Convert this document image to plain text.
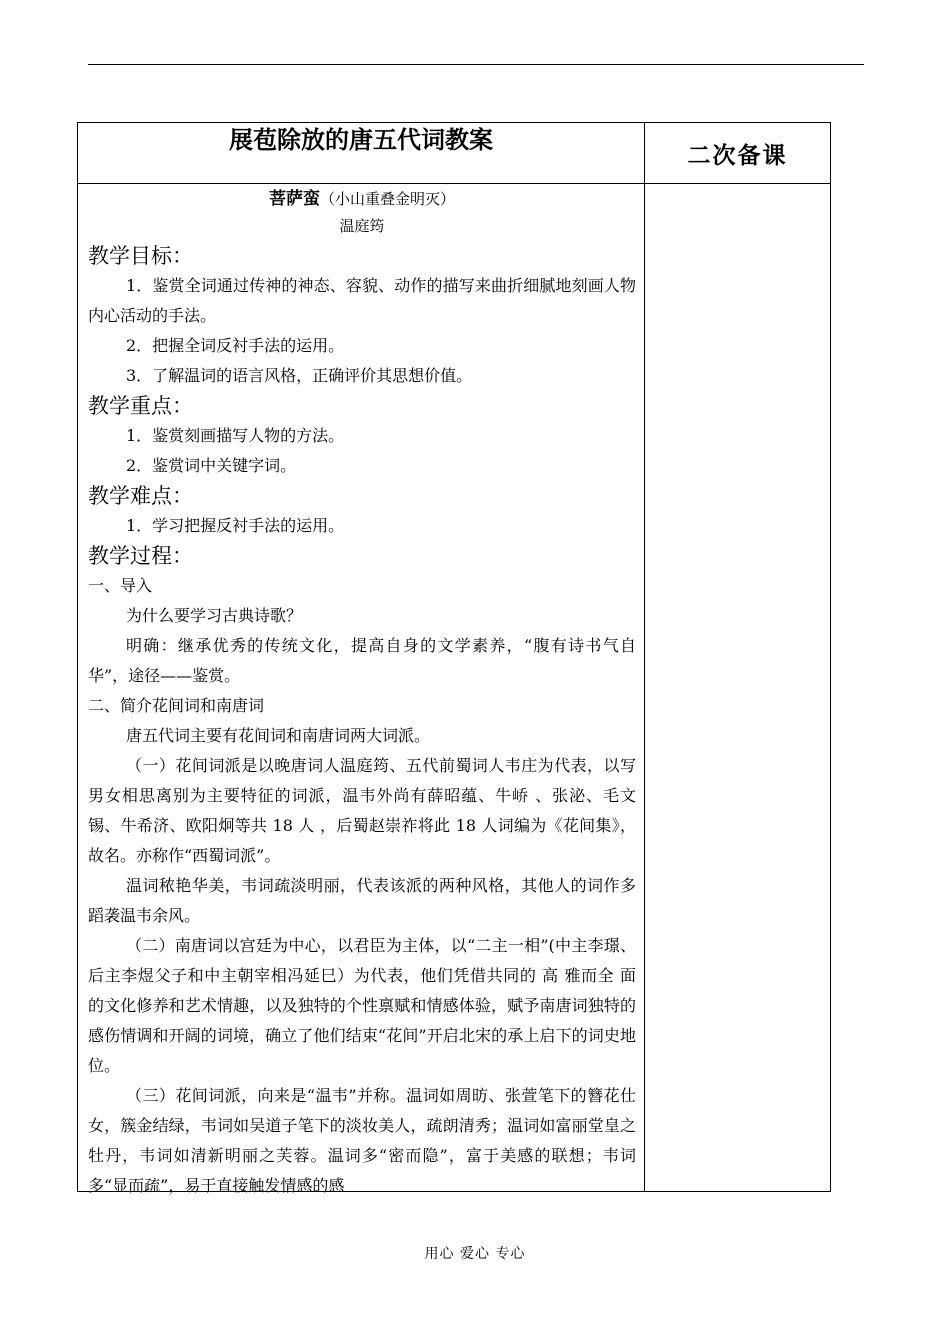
展苞除放的唐五代词教案
二次备课
菩萨蛮（小山重叠金明灭）
温庭筠
教学目标：

1．鉴赏全词通过传神的神态、容貌、动作的描写来曲折细腻地刻画人物内心活动的手法。

2．把握全词反衬手法的运用。
3．了解温词的语言风格，正确评价其思想价值。
教学重点：
1．鉴赏刻画描写人物的方法。
2．鉴赏词中关键字词。
教学难点：
1．学习把握反衬手法的运用。
教学过程：

一、导入

为什么要学习古典诗歌？

明确：继承优秀的传统文化，提高自身的文学素养，“腹有诗书气自华”，途径——鉴赏。

二、简介花间词和南唐词

唐五代词主要有花间词和南唐词两大词派。

（一）花间词派是以晚唐词人温庭筠、五代前蜀词人韦庄为代表，以写男女相思离别为主要特征的词派，温韦外尚有薛昭蕴、牛峤 、张泌、毛文锡、牛希济、欧阳炯等共 18 人 ，后蜀赵崇祚将此 18 人词编为《花间集》，故名。亦称作“西蜀词派”。

温词秾艳华美，韦词疏淡明丽，代表该派的两种风格，其他人的词作多蹈袭温韦余风。

（二）南唐词以宫廷为中心，以君臣为主体，以“二主一相”(中主李璟、后主李煜父子和中主朝宰相冯延巳）为代表，他们凭借共同的 高 雅而全 面 的文化修养和艺术情趣，以及独特的个性禀赋和情感体验，赋予南唐词独特的感伤情调和开阔的词境，确立了他们结束“花间”开启北宋的承上启下的词史地位。

（三）花间词派，向来是“温韦”并称。温词如周昉、张萱笔下的簪花仕女，簇金结绿，韦词如吴道子笔下的淡妆美人，疏朗清秀；温词如富丽堂皇之牡丹，韦词如清新明丽之芙蓉。温词多“密而隐”，富于美感的联想；韦词多“显而疏”，易于直接触发情感的感

用心 爱心 专心
